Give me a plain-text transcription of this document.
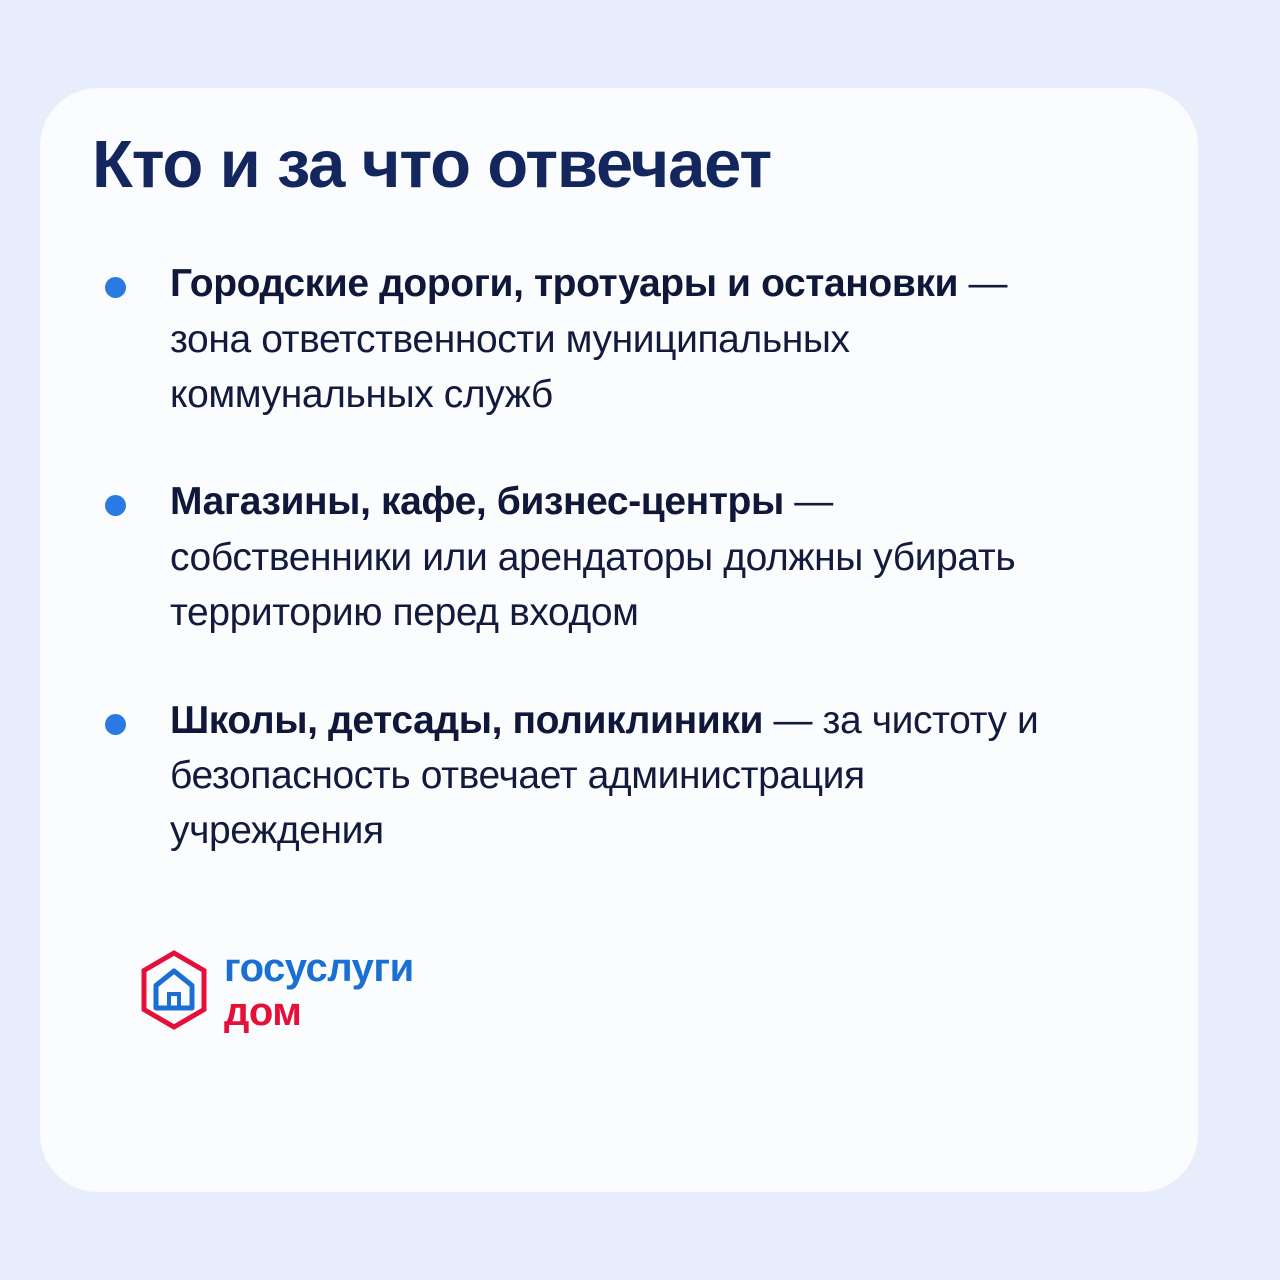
Кто и за что отвечает
Городские дороги, тротуары и остановки — зона ответственности муниципальных коммунальных служб
Магазины, кафе, бизнес-центры — собственники или арендаторы должны убирать территорию перед входом
Школы, детсады, поликлиники — за чистоту и безопасность отвечает администрация учреждения
госуслуги
дом
